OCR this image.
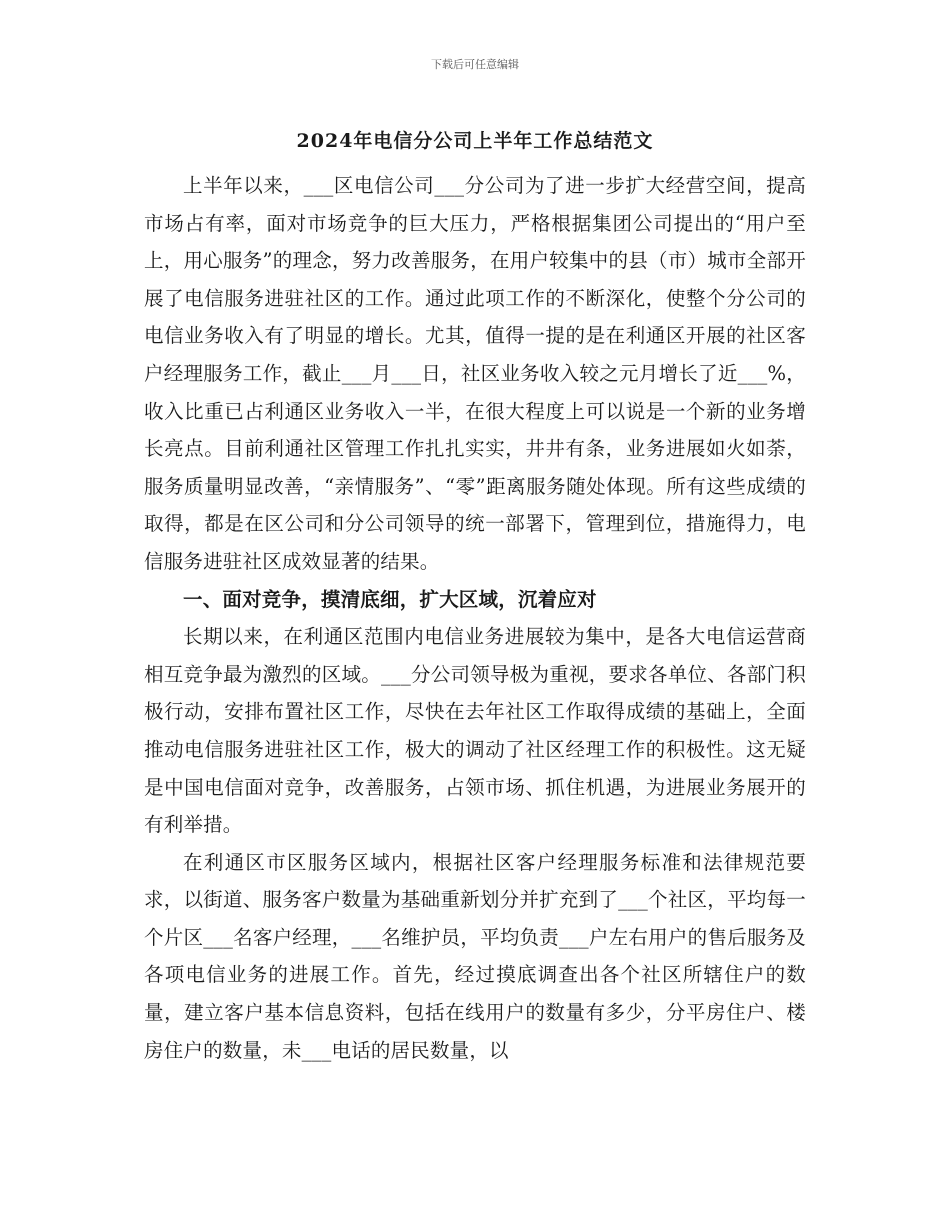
下载后可任意编辑
2024年电信分公司上半年工作总结范文

上半年以来，___区电信公司___分公司为了进一步扩大经营空间，提高市场占有率，面对市场竞争的巨大压力，严格根据集团公司提出的“用户至上，用心服务”的理念，努力改善服务，在用户较集中的县（市）城市全部开展了电信服务进驻社区的工作。通过此项工作的不断深化，使整个分公司的电信业务收入有了明显的增长。尤其，值得一提的是在利通区开展的社区客户经理服务工作，截止___月___日，社区业务收入较之元月增长了近___%，收入比重已占利通区业务收入一半，在很大程度上可以说是一个新的业务增长亮点。目前利通社区管理工作扎扎实实，井井有条，业务进展如火如荼，服务质量明显改善，“亲情服务”、“零”距离服务随处体现。所有这些成绩的取得，都是在区公司和分公司领导的统一部署下，管理到位，措施得力，电信服务进驻社区成效显著的结果。

一、面对竞争，摸清底细，扩大区域，沉着应对

长期以来，在利通区范围内电信业务进展较为集中，是各大电信运营商相互竞争最为激烈的区域。___分公司领导极为重视，要求各单位、各部门积极行动，安排布置社区工作，尽快在去年社区工作取得成绩的基础上，全面推动电信服务进驻社区工作，极大的调动了社区经理工作的积极性。这无疑是中国电信面对竞争，改善服务，占领市场、抓住机遇，为进展业务展开的有利举措。

在利通区市区服务区域内，根据社区客户经理服务标准和法律规范要求，以街道、服务客户数量为基础重新划分并扩充到了___个社区，平均每一个片区___名客户经理，___名维护员，平均负责___户左右用户的售后服务及各项电信业务的进展工作。首先，经过摸底调查出各个社区所辖住户的数量，建立客户基本信息资料，包括在线用户的数量有多少，分平房住户、楼房住户的数量，未___电话的居民数量，以
